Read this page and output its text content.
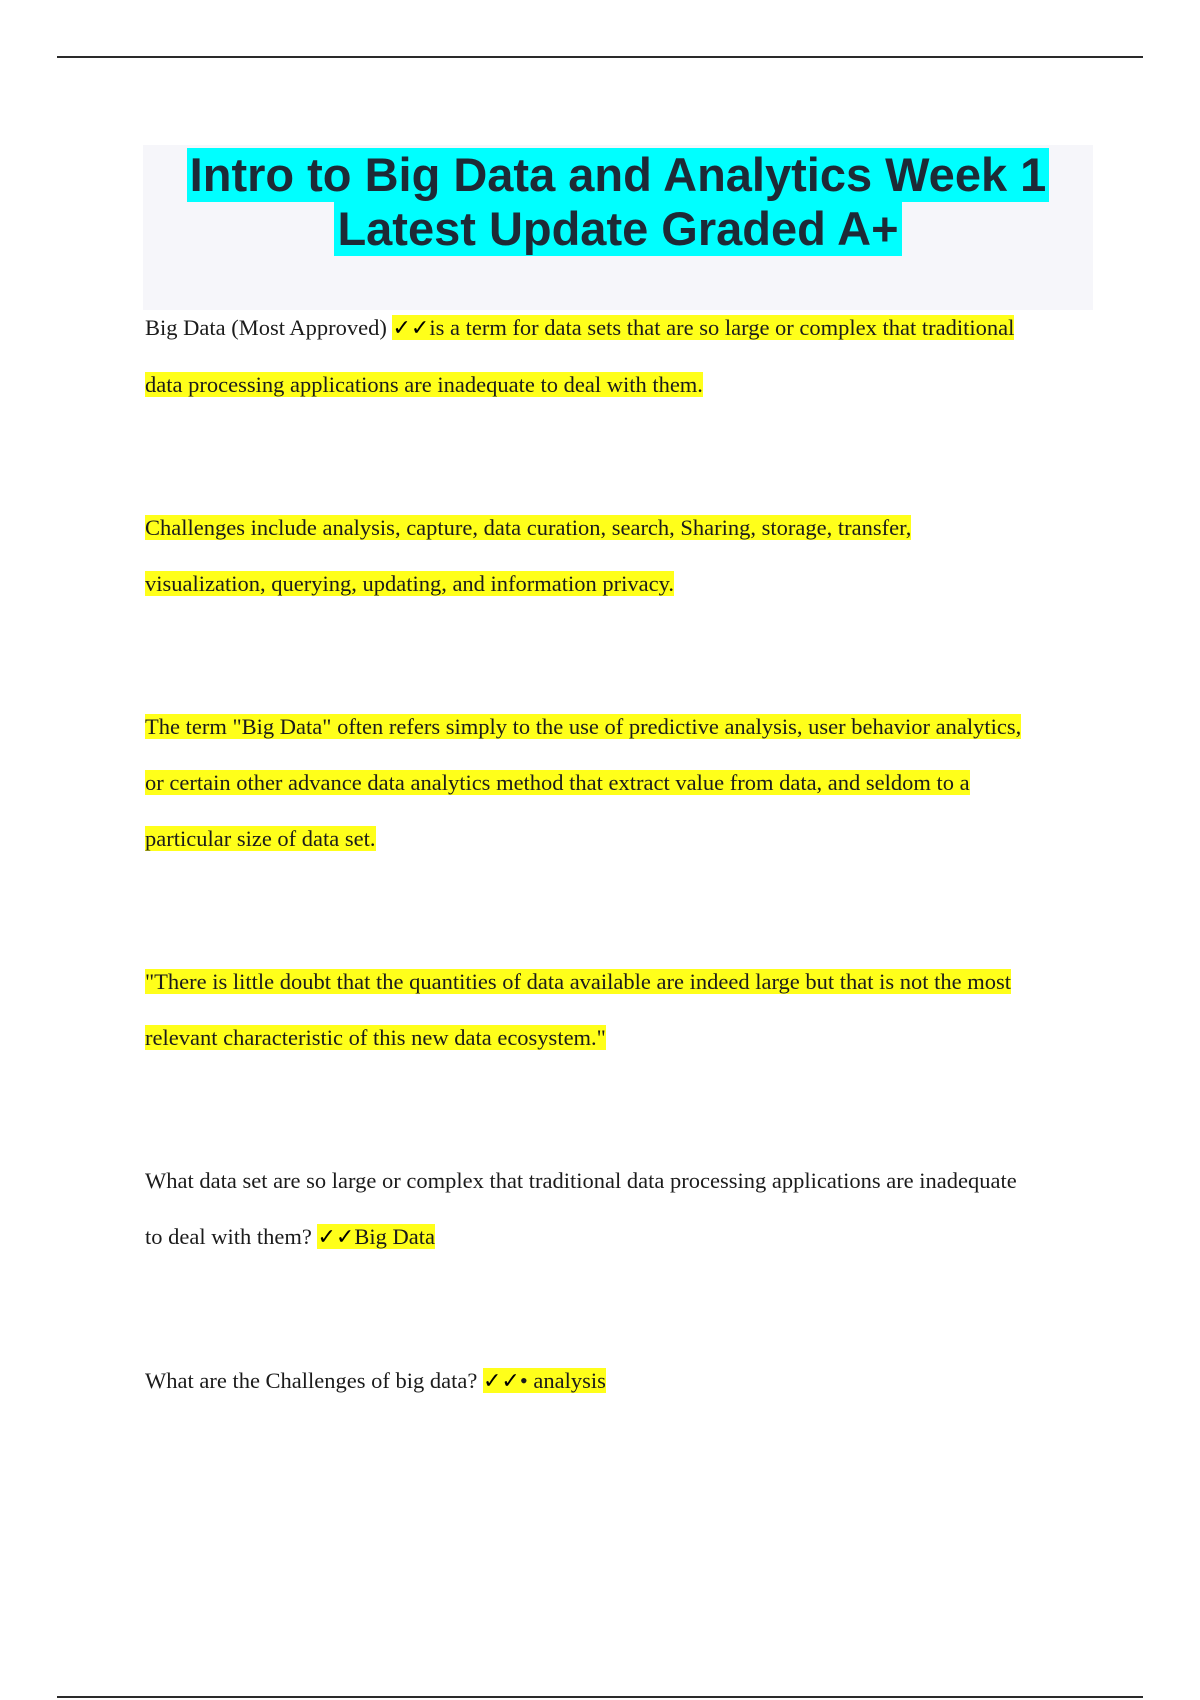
Intro to Big Data and Analytics Week 1
Latest Update Graded A+

Big Data (Most Approved) ✓✓is a term for data sets that are so large or complex that traditional

data processing applications are inadequate to deal with them.

Challenges include analysis, capture, data curation, search, Sharing, storage, transfer,

visualization, querying, updating, and information privacy.

The term "Big Data" often refers simply to the use of predictive analysis, user behavior analytics,

or certain other advance data analytics method that extract value from data, and seldom to a

particular size of data set.

"There is little doubt that the quantities of data available are indeed large but that is not the most

relevant characteristic of this new data ecosystem."

What data set are so large or complex that traditional data processing applications are inadequate

to deal with them? ✓✓Big Data

What are the Challenges of big data? ✓✓• analysis
